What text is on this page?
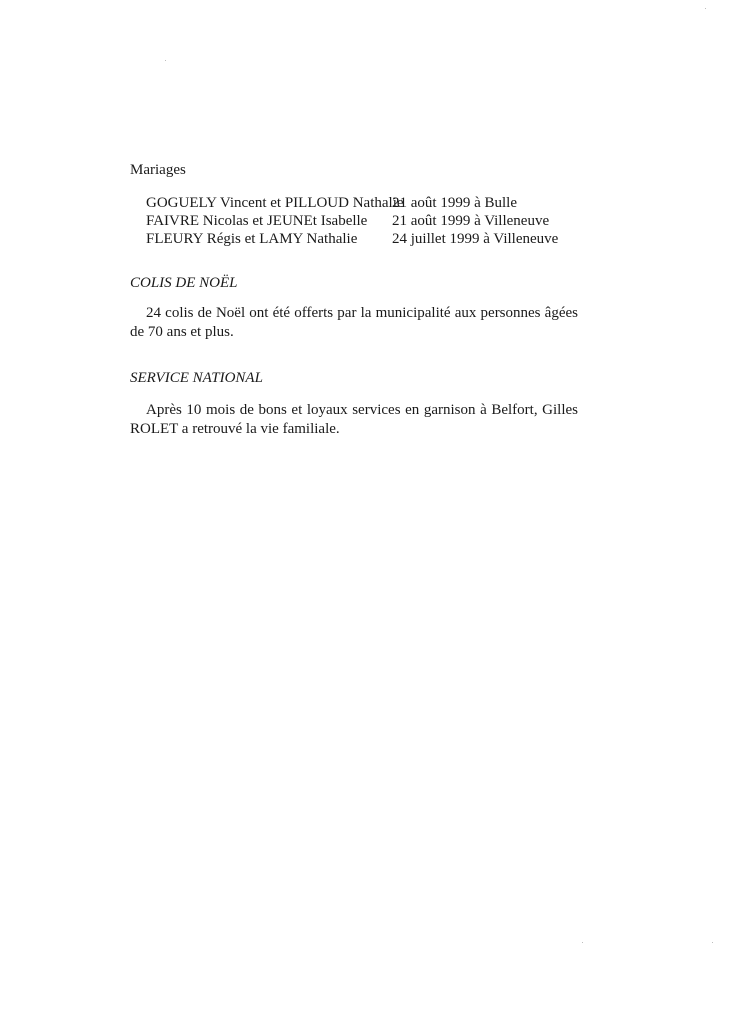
Mariages
GOGUELY Vincent et PILLOUD Nathalie
21 août 1999 à Bulle
FAIVRE Nicolas et JEUNEt Isabelle	21 août 1999 à Villeneuve
FLEURY Régis et LAMY Nathalie	24 juillet 1999 à Villeneuve
COLIS DE NOËL

24 colis de Noël ont été offerts par la municipalité aux personnes âgées de 70 ans et plus.

SERVICE NATIONAL

Après 10 mois de bons et loyaux services en garnison à Belfort, Gilles ROLET a retrouvé la vie familiale.
